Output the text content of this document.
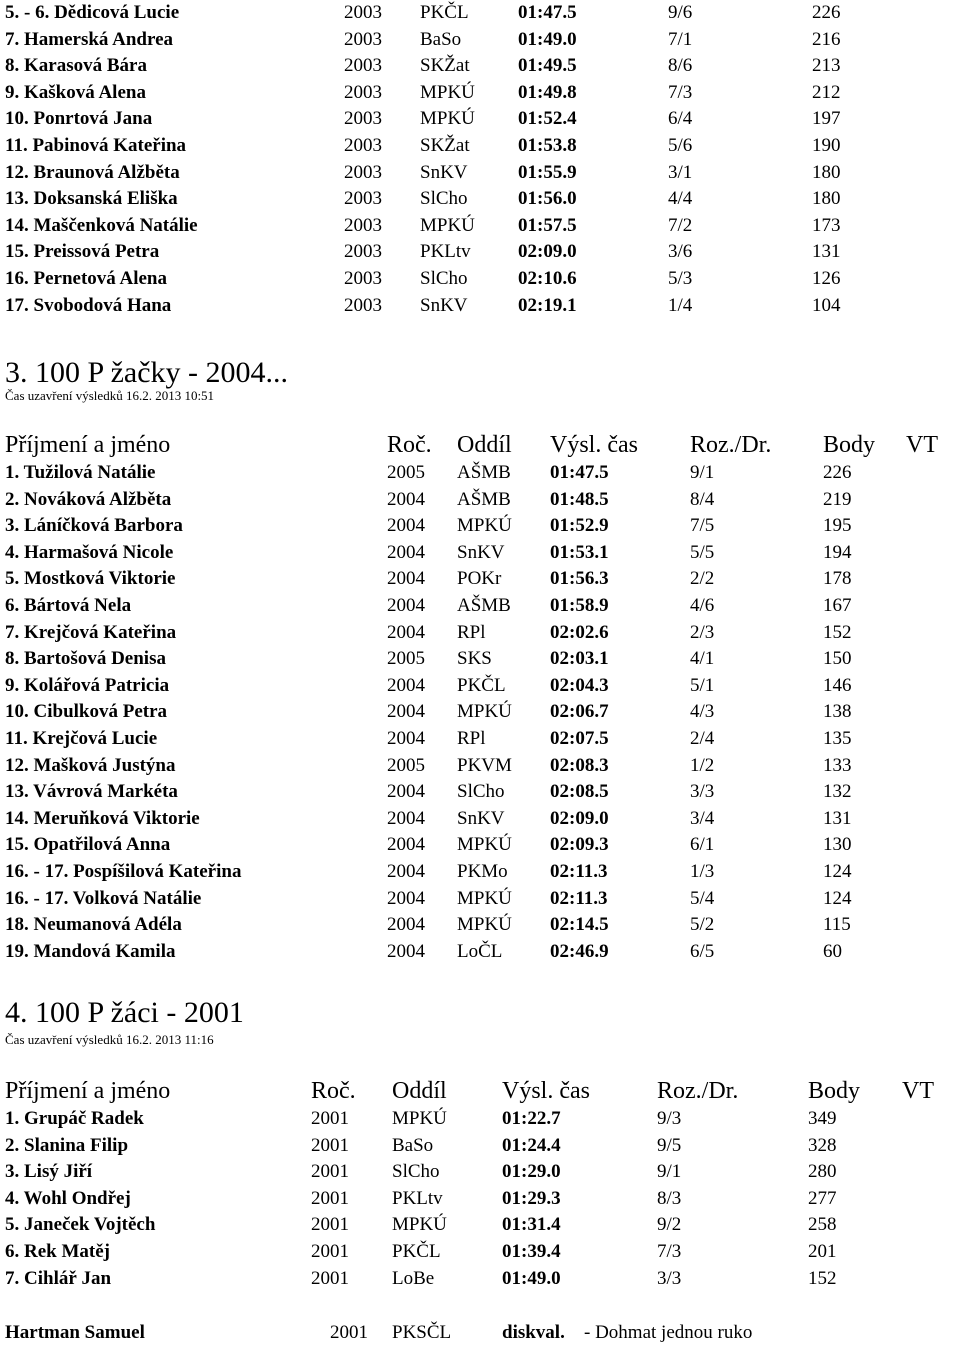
5. - 6. Dědicová Lucie	2003 PKČL	01:47.5	9/6	226
7. Hamerská Andrea	2003 BaSo	01:49.0	7/1	216
8. Karasová Bára	2003 SKŽat	01:49.5	8/6	213
9. Kašková Alena	2003 MPKÚ 01:49.8	7/3	212
10. Ponrtová Jana	2003 MPKÚ 01:52.4	6/4	197
11. Pabinová Kateřina	2003 SKŽat	01:53.8	5/6	190
12. Braunová Alžběta	2003 SnKV	01:55.9	3/1	180
13. Doksanská Eliška	2003 SlCho	01:56.0	4/4	180
14. Maščenková Natálie	2003 MPKÚ 01:57.5	7/2	173
15. Preissová Petra	2003 PKLtv 02:09.0	3/6	131
16. Pernetová Alena	2003 SlCho	02:10.6	5/3	126
17. Svobodová Hana	2003 SnKV	02:19.1	1/4	104
3. 100 P žačky - 2004...
Čas uzavření výsledků 16.2. 2013 10:51
Příjmení a jméno	Roč. Oddíl Výsl. čas Roz./Dr. Body VT
1. Tužilová Natálie	2005 AŠMB 01:47.5	9/1	226
2. Nováková Alžběta	2004 AŠMB 01:48.5	8/4	219
3. Láníčková Barbora	2004 MPKÚ 01:52.9	7/5	195
4. Harmašová Nicole	2004 SnKV 01:53.1	5/5	194
5. Mostková Viktorie	2004 POKr	01:56.3	2/2	178
6. Bártová Nela	2004 AŠMB 01:58.9	4/6	167
7. Krejčová Kateřina	2004 RPl	02:02.6	2/3	152
8. Bartošová Denisa	2005 SKS	02:03.1	4/1	150
9. Kolářová Patricia	2004 PKČL 02:04.3	5/1	146
10. Cibulková Petra	2004 MPKÚ 02:06.7	4/3	138
11. Krejčová Lucie	2004 RPl	02:07.5	2/4	135
12. Mašková Justýna	2005 PKVM 02:08.3	1/2	133
13. Vávrová Markéta	2004 SlCho 02:08.5	3/3	132
14. Meruňková Viktorie	2004 SnKV 02:09.0	3/4	131
15. Opatřilová Anna	2004 MPKÚ 02:09.3	6/1	130
16. - 17. Pospíšilová Kateřina	2004 PKMo 02:11.3	1/3	124
16. - 17. Volková Natálie	2004 MPKÚ 02:11.3	5/4	124
18. Neumanová Adéla	2004 MPKÚ 02:14.5	5/2	115
19. Mandová Kamila	2004 LoČL	02:46.9	6/5	60
4. 100 P žáci - 2001
Čas uzavření výsledků 16.2. 2013 11:16
Příjmení a jméno	Roč. Oddíl Výsl. čas	Roz./Dr.	Body VT
1. Grupáč Radek	2001 MPKÚ	01:22.7	9/3	349
2. Slanina Filip	2001 BaSo	01:24.4	9/5	328
3. Lisý Jiří	2001 SlCho	01:29.0	9/1	280
4. Wohl Ondřej	2001 PKLtv	01:29.3	8/3	277
5. Janeček Vojtěch	2001 MPKÚ	01:31.4	9/2	258
6. Rek Matěj	2001 PKČL	01:39.4	7/3	201
7. Cihlář Jan	2001 LoBe	01:49.0	3/3	152
Hartman Samuel	2001 PKSČL	diskval. - Dohmat jednou ruko
